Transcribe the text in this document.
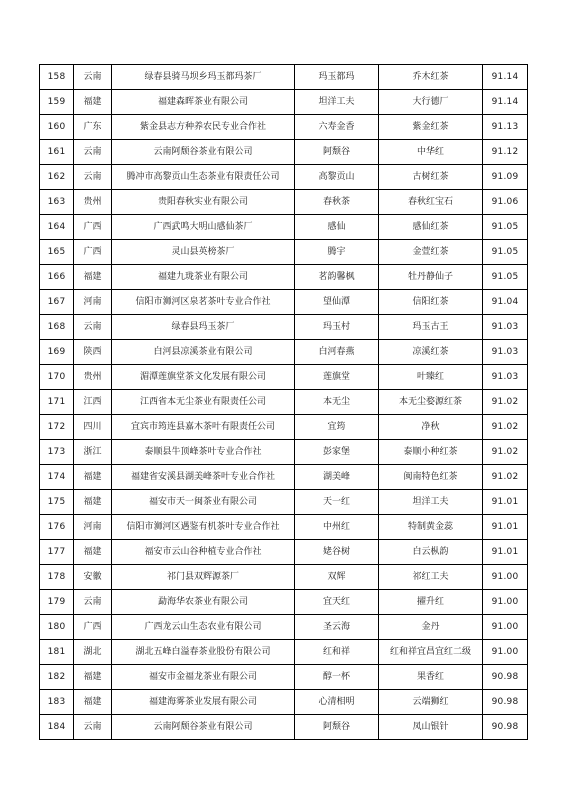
158	云南	绿春县骑马坝乡玛玉都玛茶厂	玛玉都玛	乔木红茶	91.14
159	福建	福建森晖茶业有限公司	坦洋工夫	大行德厂	91.14
160	广东	紫金县志方种养农民专业合作社	六寿金香	紫金红茶	91.13
161	云南	云南阿颓谷茶业有限公司	阿颓谷	中华红	91.12
162	云南	腾冲市高黎贡山生态茶业有限责任公司	高黎贡山	古树红茶	91.09
163	贵州	贵阳春秋实业有限公司	春秋茶	春秋红宝石	91.06
164	广西	广西武鸣大明山感仙茶厂	感仙	感仙红茶	91.05
165	广西	灵山县英榜茶厂	腾宇	金萱红茶	91.05
166	福建	福建九珑茶业有限公司	茗韵馨枫	牡丹静仙子	91.05
167	河南	信阳市浉河区泉茗茶叶专业合作社	望仙潭	信阳红茶	91.04
168	云南	绿春县玛玉茶厂	玛玉村	玛玉古王	91.03
169	陕西	白河县凉溪茶业有限公司	白河春燕	凉溪红茶	91.03
170	贵州	湄潭莲旗堂茶文化发展有限公司	莲旗堂	叶臻红	91.03
171	江西	江西省本无尘茶业有限责任公司	本无尘	本无尘婺源红茶	91.02
172	四川	宜宾市筠连县嘉木茶叶有限责任公司	宜筠	净秋	91.02
173	浙江	泰顺县牛顶峰茶叶专业合作社	彭家堡	泰顺小种红茶	91.02
174	福建	福建省安溪县湖美峰茶叶专业合作社	湖美峰	闽南特色红茶	91.02
175	福建	福安市天一闽茶业有限公司	天一红	坦洋工夫	91.01
176	河南	信阳市浉河区遇鉴有机茶叶专业合作社	中州红	特制黄金蕊	91.01
177	福建	福安市云山谷种植专业合作社	姥谷树	白云枞韵	91.01
178	安徽	祁门县双辉源茶厂	双辉	祁红工夫	91.00
179	云南	勐海华农茶业有限公司	宜天红	擢升红	91.00
180	广西	广西龙云山生态农业有限公司	圣云海	金丹	91.00
181	湖北	湖北五峰白溢春茶业股份有限公司	红和祥	红和祥宜昌宜红二级	91.00
182	福建	福安市金福龙茶业有限公司	醇一杯	果香红	90.98
183	福建	福建海雾茶业发展有限公司	心清相明	云端狮红	90.98
184	云南	云南阿颓谷茶业有限公司	阿颓谷	凤山银针	90.98
